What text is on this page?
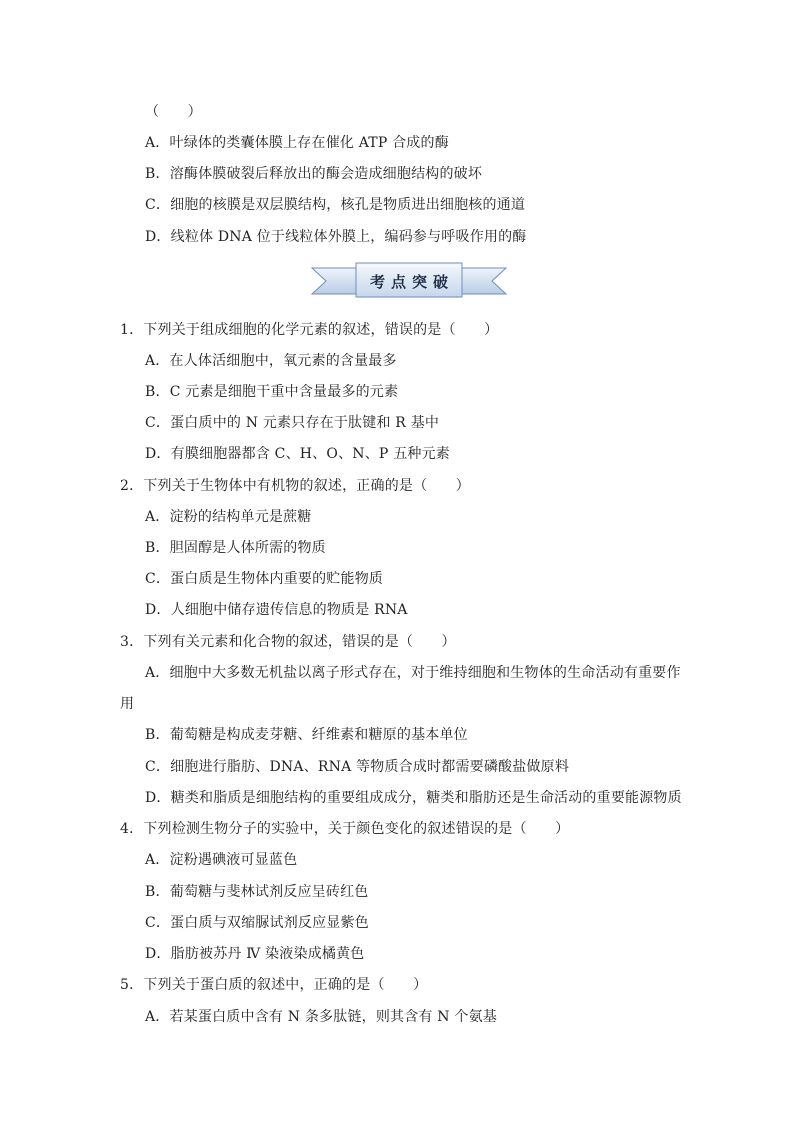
（　　）
A．叶绿体的类囊体膜上存在催化 ATP 合成的酶
B．溶酶体膜破裂后释放出的酶会造成细胞结构的破坏
C．细胞的核膜是双层膜结构，核孔是物质进出细胞核的通道
D．线粒体 DNA 位于线粒体外膜上，编码参与呼吸作用的酶
考点突破
1．下列关于组成细胞的化学元素的叙述，错误的是（　　）
A．在人体活细胞中，氧元素的含量最多
B．C 元素是细胞干重中含量最多的元素
C．蛋白质中的 N 元素只存在于肽键和 R 基中
D．有膜细胞器都含 C、H、O、N、P 五种元素
2．下列关于生物体中有机物的叙述，正确的是（　　）
A．淀粉的结构单元是蔗糖
B．胆固醇是人体所需的物质
C．蛋白质是生物体内重要的贮能物质
D．人细胞中储存遗传信息的物质是 RNA
3．下列有关元素和化合物的叙述，错误的是（　　）
A．细胞中大多数无机盐以离子形式存在，对于维持细胞和生物体的生命活动有重要作
用
B．葡萄糖是构成麦芽糖、纤维素和糖原的基本单位
C．细胞进行脂肪、DNA、RNA 等物质合成时都需要磷酸盐做原料
D．糖类和脂质是细胞结构的重要组成成分，糖类和脂肪还是生命活动的重要能源物质
4．下列检测生物分子的实验中，关于颜色变化的叙述错误的是（　　）
A．淀粉遇碘液可显蓝色
B．葡萄糖与斐林试剂反应呈砖红色
C．蛋白质与双缩脲试剂反应显紫色
D．脂肪被苏丹 Ⅳ 染液染成橘黄色
5．下列关于蛋白质的叙述中，正确的是（　　）
A．若某蛋白质中含有 N 条多肽链，则其含有 N 个氨基
